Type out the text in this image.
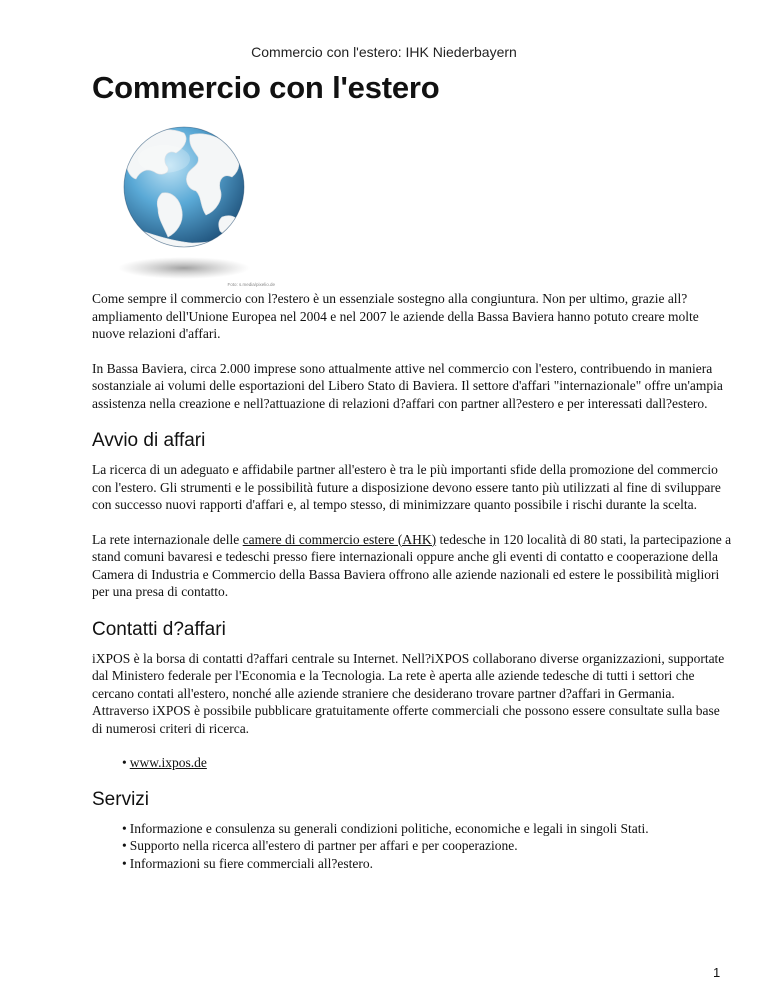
Commercio con l'estero: IHK Niederbayern
Commercio con l'estero
Foto: s.media/pixelio.de

Come sempre il commercio con l?estero è un essenziale sostegno alla congiuntura. Non per ultimo, grazie all?ampliamento dell'Unione Europea nel 2004 e nel 2007 le aziende della Bassa Baviera hanno potuto creare molte nuove relazioni d'affari.

In Bassa Baviera, circa 2.000 imprese sono attualmente attive nel commercio con l'estero, contribuendo in maniera sostanziale ai volumi delle esportazioni del Libero Stato di Baviera. Il settore d'affari "internazionale" offre un'ampia assistenza nella creazione e nell?attuazione di relazioni d?affari con partner all?estero e per interessati dall?estero.

Avvio di affari

La ricerca di un adeguato e affidabile partner all'estero è tra le più importanti sfide della promozione del commercio con l'estero. Gli strumenti e le possibilità future a disposizione devono essere tanto più utilizzati al fine di sviluppare con successo nuovi rapporti d'affari e, al tempo stesso, di minimizzare quanto possibile i rischi durante la scelta.

La rete internazionale delle camere di commercio estere (AHK) tedesche in 120 località di 80 stati, la partecipazione a stand comuni bavaresi e tedeschi presso fiere internazionali oppure anche gli eventi di contatto e cooperazione della Camera di Industria e Commercio della Bassa Baviera offrono alle aziende nazionali ed estere le possibilità migliori per una presa di contatto.

Contatti d?affari

iXPOS è la borsa di contatti d?affari centrale su Internet. Nell?iXPOS collaborano diverse organizzazioni, supportate dal Ministero federale per l'Economia e la Tecnologia. La rete è aperta alle aziende tedesche di tutti i settori che cercano contati all'estero, nonché alle aziende straniere che desiderano trovare partner d?affari in Germania. Attraverso iXPOS è possibile pubblicare gratuitamente offerte commerciali che possono essere consultate sulla base di numerosi criteri di ricerca.

• www.ixpos.de
Servizi
• Informazione e consulenza su generali condizioni politiche, economiche e legali in singoli Stati.
• Supporto nella ricerca all'estero di partner per affari e per cooperazione.
• Informazioni su fiere commerciali all?estero.
1
